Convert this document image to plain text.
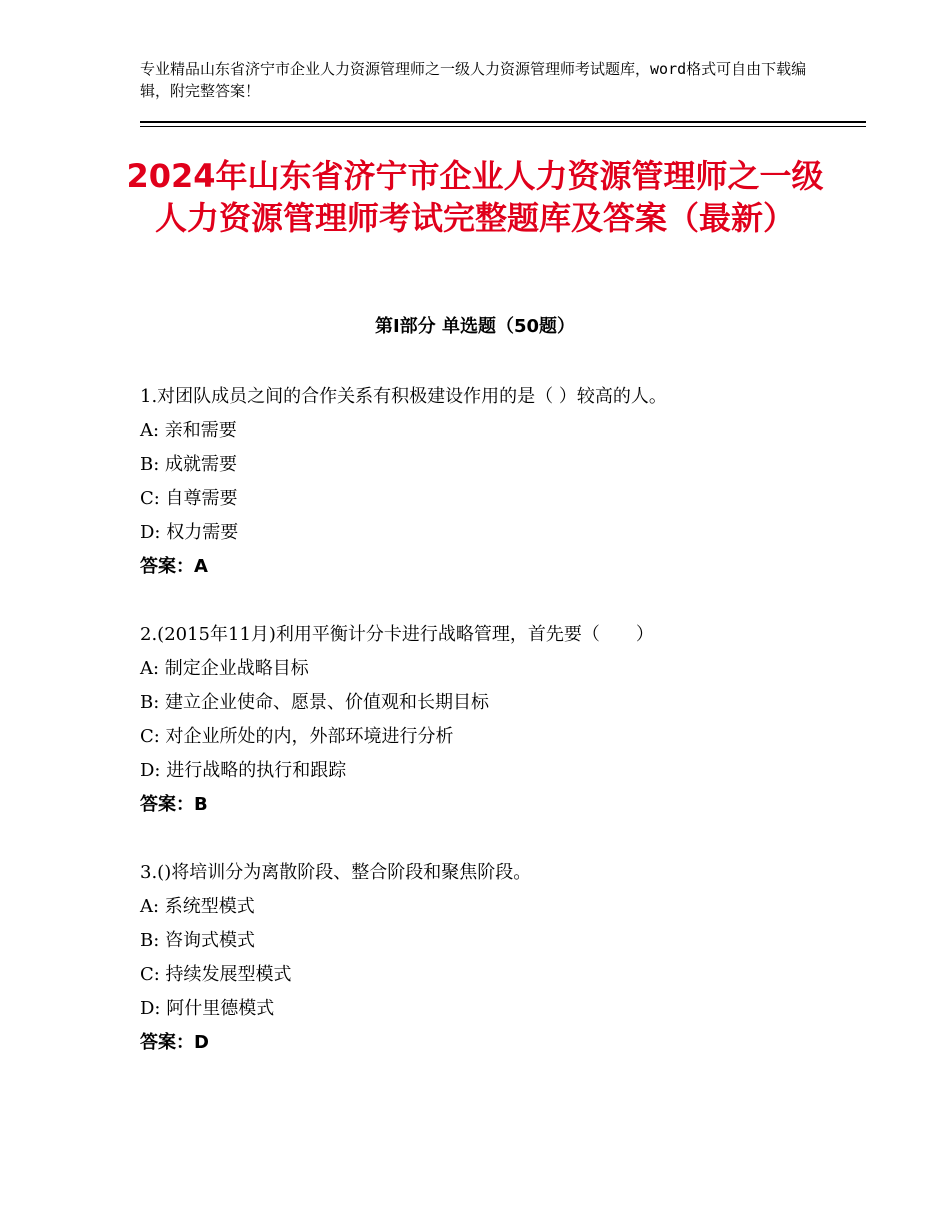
专业精品山东省济宁市企业人力资源管理师之一级人力资源管理师考试题库，word格式可自由下载编辑，附完整答案！
2024年山东省济宁市企业人力资源管理师之一级人力资源管理师考试完整题库及答案（最新）
第Ⅰ部分 单选题（50题）
1.对团队成员之间的合作关系有积极建设作用的是（ ）较高的人。
A: 亲和需要
B: 成就需要
C: 自尊需要
D: 权力需要
答案：A
2.(2015年11月)利用平衡计分卡进行战略管理，首先要（　　）
A: 制定企业战略目标
B: 建立企业使命、愿景、价值观和长期目标
C: 对企业所处的内，外部环境进行分析
D: 进行战略的执行和跟踪
答案：B
3.()将培训分为离散阶段、整合阶段和聚焦阶段。
A: 系统型模式
B: 咨询式模式
C: 持续发展型模式
D: 阿什里德模式
答案：D
